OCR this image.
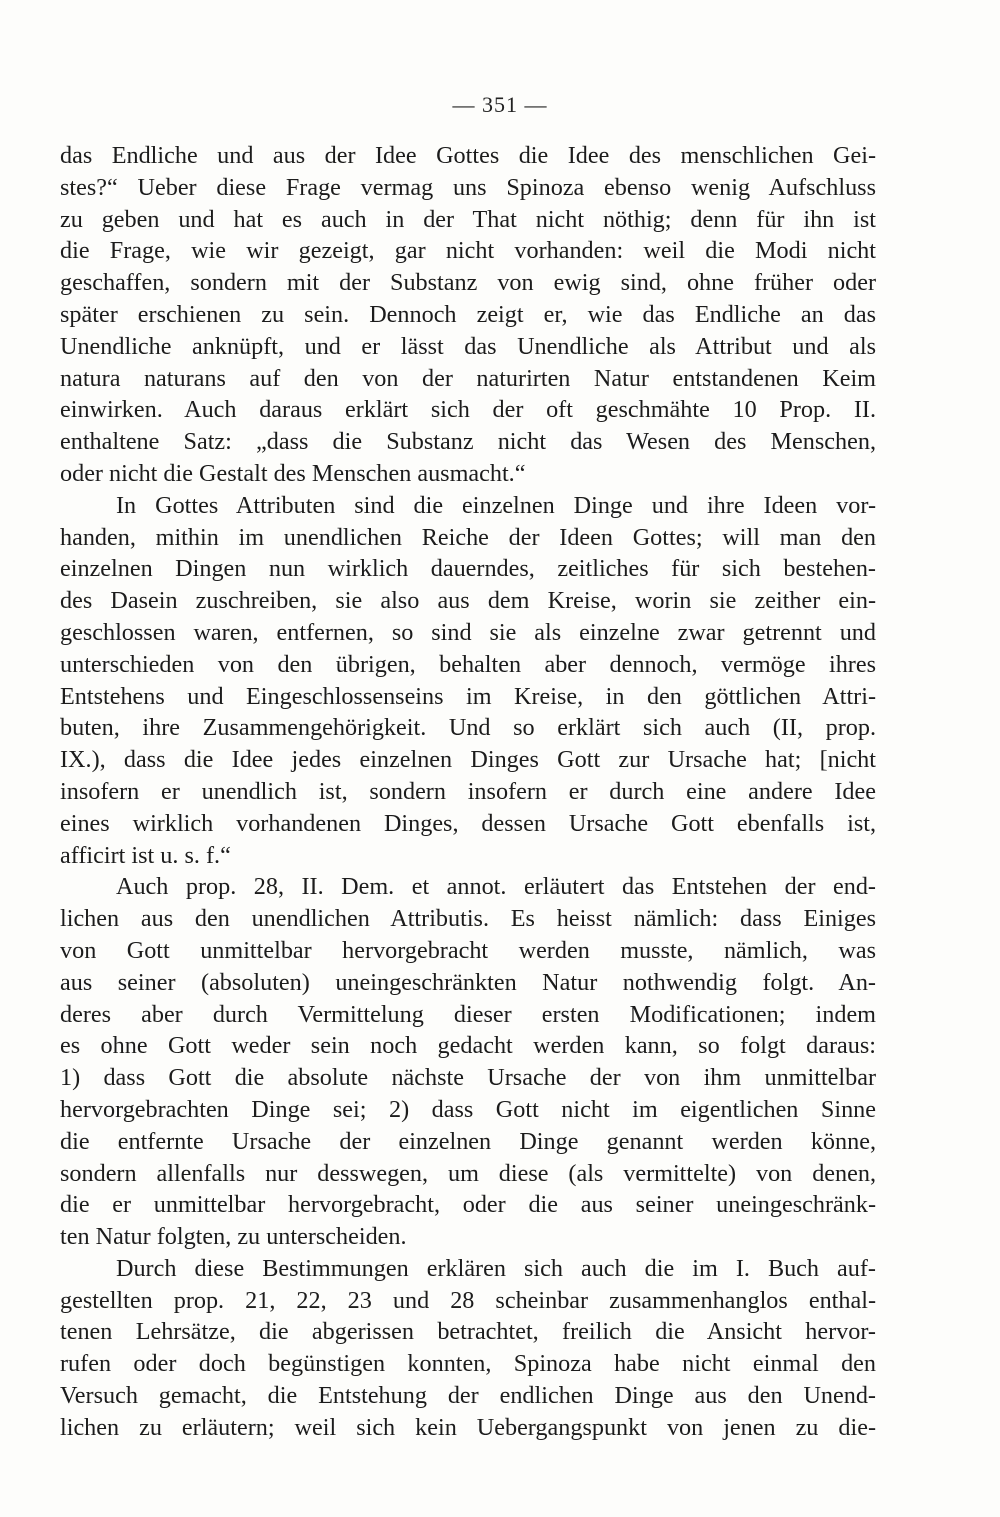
— 351 —
das Endliche und aus der Idee Gottes die Idee des menschlichen Gei-
stes?“ Ueber diese Frage vermag uns Spinoza ebenso wenig Aufschluss
zu geben und hat es auch in der That nicht nöthig; denn für ihn ist
die Frage, wie wir gezeigt, gar nicht vorhanden: weil die Modi nicht
geschaffen, sondern mit der Substanz von ewig sind, ohne früher oder
später erschienen zu sein. Dennoch zeigt er, wie das Endliche an das
Unendliche anknüpft, und er lässt das Unendliche als Attribut und als
natura naturans auf den von der naturirten Natur entstandenen Keim
einwirken. Auch daraus erklärt sich der oft geschmähte 10 Prop. II.
enthaltene Satz: „dass die Substanz nicht das Wesen des Menschen,
oder nicht die Gestalt des Menschen ausmacht.“
In Gottes Attributen sind die einzelnen Dinge und ihre Ideen vor-
handen, mithin im unendlichen Reiche der Ideen Gottes; will man den
einzelnen Dingen nun wirklich dauerndes, zeitliches für sich bestehen-
des Dasein zuschreiben, sie also aus dem Kreise, worin sie zeither ein-
geschlossen waren, entfernen, so sind sie als einzelne zwar getrennt und
unterschieden von den übrigen, behalten aber dennoch, vermöge ihres
Entstehens und Eingeschlossenseins im Kreise, in den göttlichen Attri-
buten, ihre Zusammengehörigkeit. Und so erklärt sich auch (II, prop.
IX.), dass die Idee jedes einzelnen Dinges Gott zur Ursache hat; [nicht
insofern er unendlich ist, sondern insofern er durch eine andere Idee
eines wirklich vorhandenen Dinges, dessen Ursache Gott ebenfalls ist,
afficirt ist u. s. f.“
Auch prop. 28, II. Dem. et annot. erläutert das Entstehen der end-
lichen aus den unendlichen Attributis. Es heisst nämlich: dass Einiges
von Gott unmittelbar hervorgebracht werden musste, nämlich, was
aus seiner (absoluten) uneingeschränkten Natur nothwendig folgt. An-
deres aber durch Vermittelung dieser ersten Modificationen; indem
es ohne Gott weder sein noch gedacht werden kann, so folgt daraus:
1) dass Gott die absolute nächste Ursache der von ihm unmittelbar
hervorgebrachten Dinge sei; 2) dass Gott nicht im eigentlichen Sinne
die entfernte Ursache der einzelnen Dinge genannt werden könne,
sondern allenfalls nur desswegen, um diese (als vermittelte) von denen,
die er unmittelbar hervorgebracht, oder die aus seiner uneingeschränk-
ten Natur folgten, zu unterscheiden.
Durch diese Bestimmungen erklären sich auch die im I. Buch auf-
gestellten prop. 21, 22, 23 und 28 scheinbar zusammenhanglos enthal-
tenen Lehrsätze, die abgerissen betrachtet, freilich die Ansicht hervor-
rufen oder doch begünstigen konnten, Spinoza habe nicht einmal den
Versuch gemacht, die Entstehung der endlichen Dinge aus den Unend-
lichen zu erläutern; weil sich kein Uebergangspunkt von jenen zu die-
